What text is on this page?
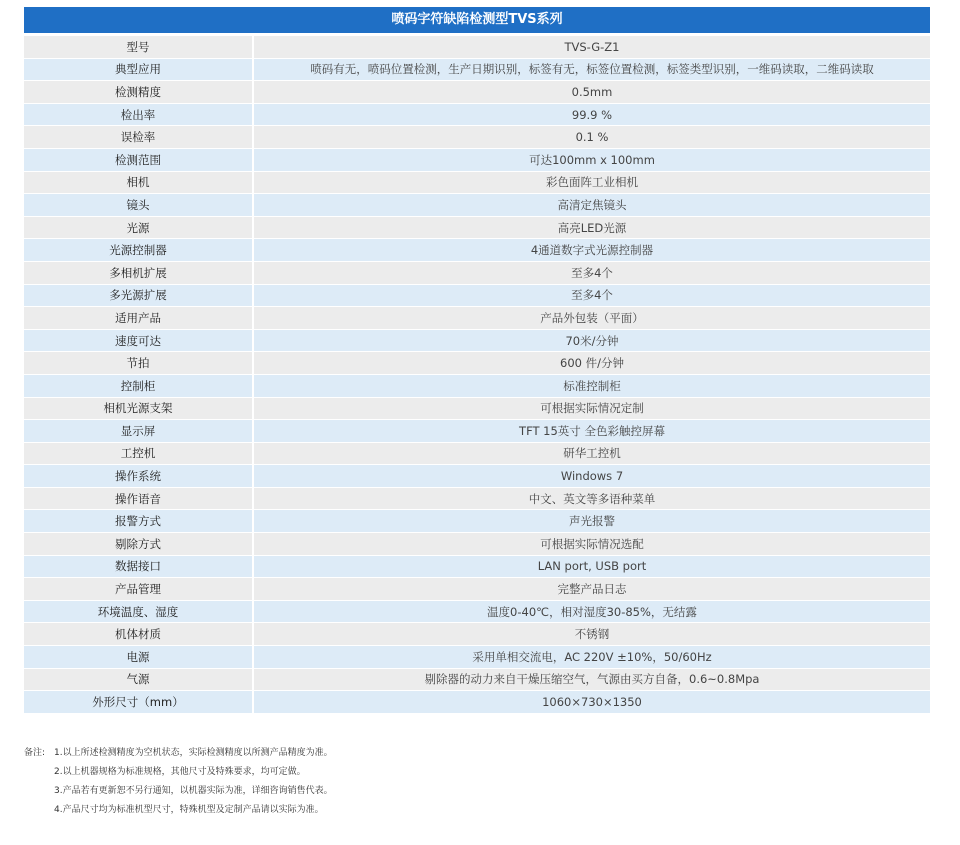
喷码字符缺陷检测型TVS系列
型号	TVS-G-Z1
典型应用	喷码有无，喷码位置检测，生产日期识别，标签有无，标签位置检测，标签类型识别，一维码读取，二维码读取
检测精度	0.5mm
检出率	99.9 %
误检率	0.1 %
检测范围	可达100mm x 100mm
相机	彩色面阵工业相机
镜头	高清定焦镜头
光源	高亮LED光源
光源控制器	4通道数字式光源控制器
多相机扩展	至多4个
多光源扩展	至多4个
适用产品	产品外包装（平面）
速度可达	70米/分钟
节拍	600 件/分钟
控制柜	标准控制柜
相机光源支架	可根据实际情况定制
显示屏	TFT 15英寸 全色彩触控屏幕
工控机	研华工控机
操作系统	Windows 7
操作语音	中文、英文等多语种菜单
报警方式	声光报警
剔除方式	可根据实际情况选配
数据接口	LAN port, USB port
产品管理	完整产品日志
环境温度、湿度	温度0-40℃，相对湿度30-85%，无结露
机体材质	不锈钢
电源	采用单相交流电，AC 220V ±10%，50/60Hz
气源	剔除器的动力来自干燥压缩空气，气源由买方自备，0.6~0.8Mpa
外形尺寸（mm）	1060×730×1350
备注: 1.以上所述检测精度为空机状态，实际检测精度以所测产品精度为准。
2.以上机器规格为标准规格，其他尺寸及特殊要求，均可定做。
3.产品若有更新恕不另行通知，以机器实际为准，详细咨询销售代表。
4.产品尺寸均为标准机型尺寸，特殊机型及定制产品请以实际为准。
